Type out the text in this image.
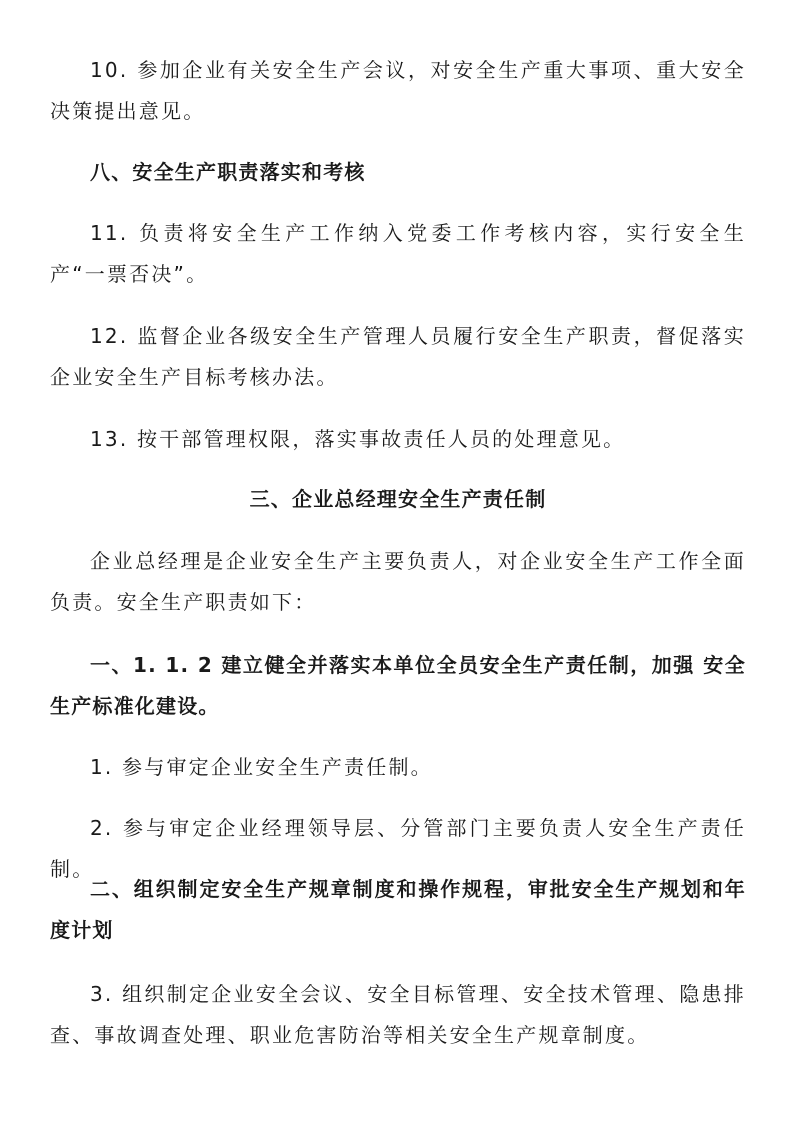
10. 参加企业有关安全生产会议，对安全生产重大事项、重大安全决策提出意见。

八、安全生产职责落实和考核

11. 负责将安全生产工作纳入党委工作考核内容，实行安全生产“一票否决”。

12. 监督企业各级安全生产管理人员履行安全生产职责，督促落实企业安全生产目标考核办法。

13. 按干部管理权限，落实事故责任人员的处理意见。

三、企业总经理安全生产责任制

企业总经理是企业安全生产主要负责人，对企业安全生产工作全面负责。安全生产职责如下：

一、1. 1. 2 建立健全并落实本单位全员安全生产责任制，加强 安全生产标准化建设。

1. 参与审定企业安全生产责任制。

2. 参与审定企业经理领导层、分管部门主要负责人安全生产责任制。

二、组织制定安全生产规章制度和操作规程，审批安全生产规划和年度计划

3. 组织制定企业安全会议、安全目标管理、安全技术管理、隐患排查、事故调查处理、职业危害防治等相关安全生产规章制度。
